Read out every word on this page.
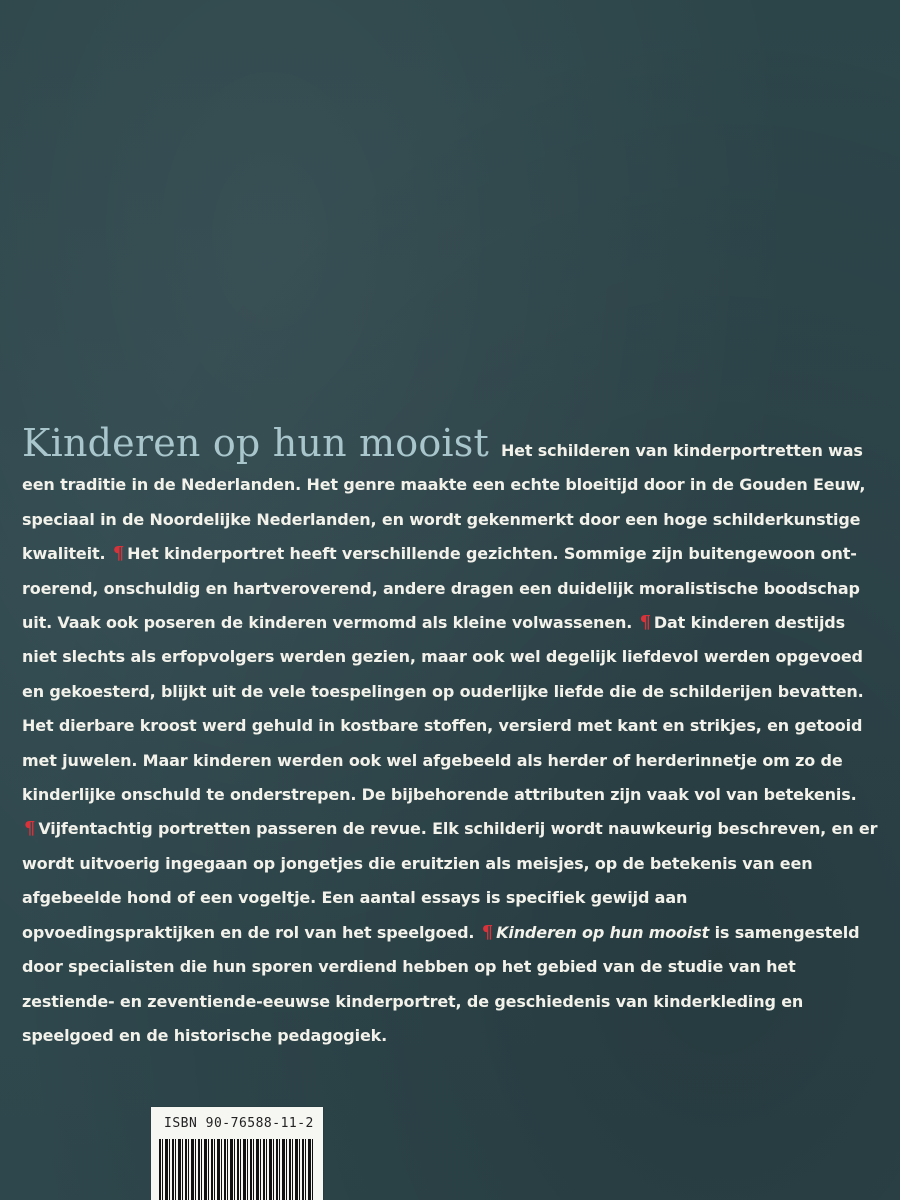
Kinderen op hun mooist Het schilderen van kinderportretten was een traditie in de Nederlanden. Het genre maakte een echte bloeitijd door in de Gouden Eeuw, speciaal in de Noordelijke Nederlanden, en wordt gekenmerkt door een hoge schilderkunstige kwaliteit. ¶ Het kinderportret heeft verschillende gezichten. Sommige zijn buitengewoon ontroerend, onschuldig en hartveroverend, andere dragen een duidelijk moralistische boodschap uit. Vaak ook poseren de kinderen vermomd als kleine volwassenen. ¶ Dat kinderen destijds niet slechts als erfopvolgers werden gezien, maar ook wel degelijk liefdevol werden opgevoed en gekoesterd, blijkt uit de vele toespelingen op ouderlijke liefde die de schilderijen bevatten. Het dierbare kroost werd gehuld in kostbare stoffen, versierd met kant en strikjes, en getooid met juwelen. Maar kinderen werden ook wel afgebeeld als herder of herderinnetje om zo de kinderlijke onschuld te onderstrepen. De bijbehorende attributen zijn vaak vol van betekenis. ¶ Vijfentachtig portretten passeren de revue. Elk schilderij wordt nauwkeurig beschreven, en er wordt uitvoerig ingegaan op jongetjes die eruitzien als meisjes, op de betekenis van een afgebeelde hond of een vogeltje. Een aantal essays is specifiek gewijd aan opvoedingspraktijken en de rol van het speelgoed. ¶ Kinderen op hun mooist is samengesteld door specialisten die hun sporen verdiend hebben op het gebied van de studie van het zestiende- en zeventiende-eeuwse kinderportret, de geschiedenis van kinderkleding en speelgoed en de historische pedagogiek.
ISBN 90-76588-11-2
